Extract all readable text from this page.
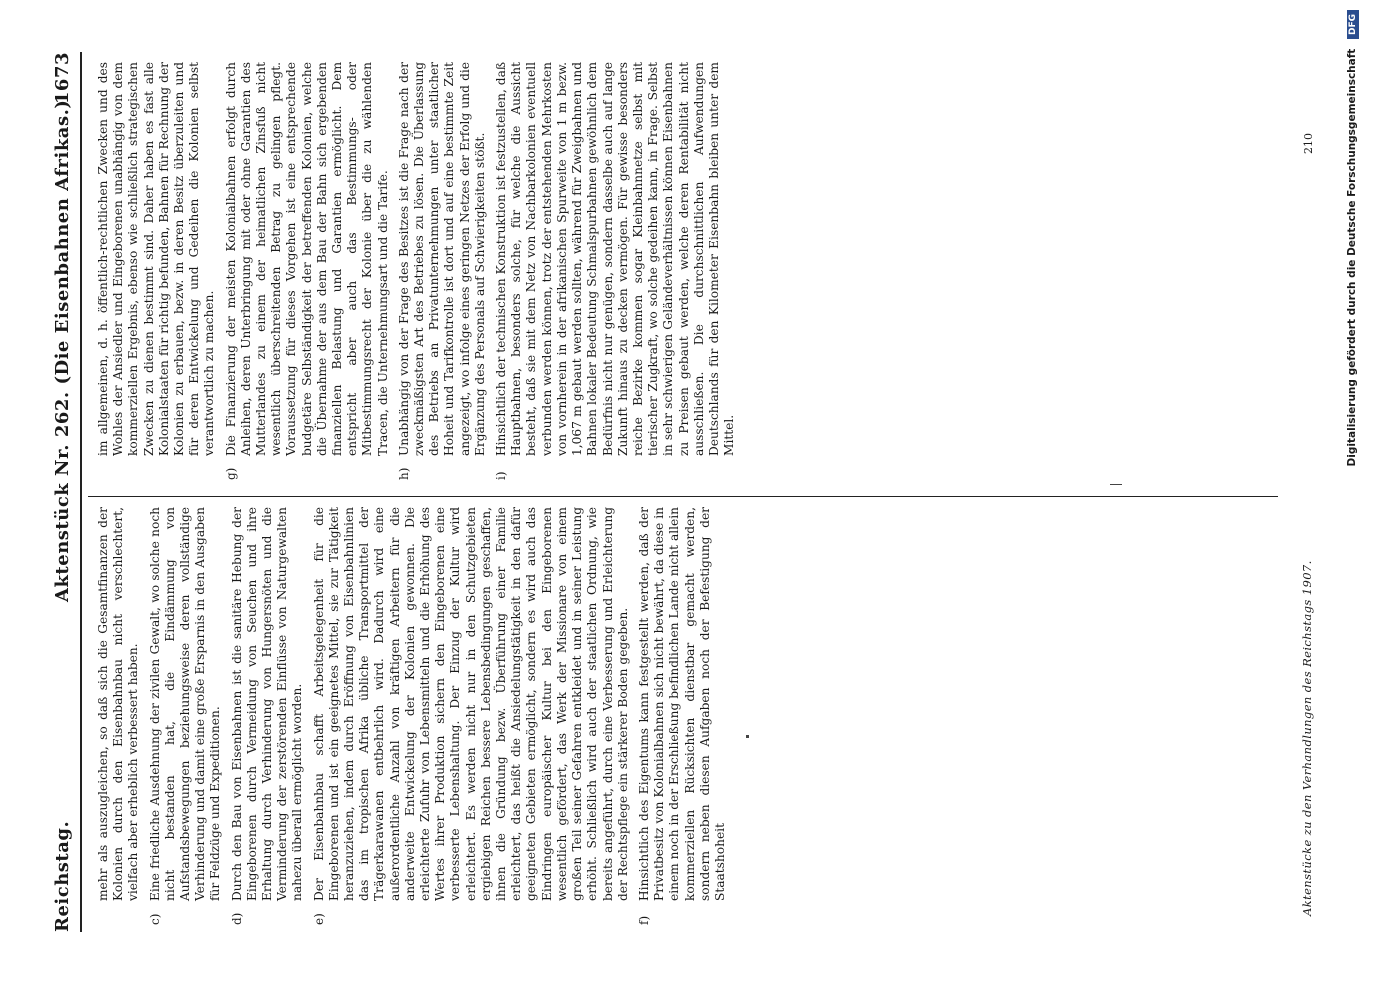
Reichstag.
Aktenstück Nr. 262. (Die Eisenbahnen Afrikas.)
1673

mehr als auszugleichen, so daß sich die Gesamtfinanzen der Kolonien durch den Eisenbahnbau nicht verschlechtert, vielfach aber erheblich verbessert haben.

c)
Eine friedliche Ausdehnung der zivilen Gewalt, wo solche noch nicht bestanden hat, die Eindämmung von Aufstandsbewegungen beziehungsweise deren vollständige Verhinderung und damit eine große Ersparnis in den Ausgaben für Feldzüge und Expeditionen.

d)
Durch den Bau von Eisenbahnen ist die sanitäre Hebung der Eingeborenen durch Vermeidung von Seuchen und ihre Erhaltung durch Verhinderung von Hungersnöten und die Verminderung der zerstörenden Einflüsse von Naturgewalten nahezu überall ermöglicht worden.

e)
Der Eisenbahnbau schafft Arbeitsgelegenheit für die Eingeborenen und ist ein geeignetes Mittel, sie zur Tätigkeit heranzuziehen, indem durch Eröffnung von Eisenbahnlinien das im tropischen Afrika übliche Transportmittel der Trägerkarawanen entbehrlich wird. Dadurch wird eine außerordentliche Anzahl von kräftigen Arbeitern für die anderweite Entwickelung der Kolonien gewonnen. Die erleichterte Zufuhr von Lebensmitteln und die Erhöhung des Wertes ihrer Produktion sichern den Eingeborenen eine verbesserte Lebenshaltung. Der Einzug der Kultur wird erleichtert. Es werden nicht nur in den Schutzgebieten ergiebigen Reichen bessere Lebensbedingungen geschaffen, ihnen die Gründung bezw. Überführung einer Familie erleichtert, das heißt die Ansiedelungstätigkeit in den dafür geeigneten Gebieten ermöglicht, sondern es wird auch das Eindringen europäischer Kultur bei den Eingeborenen wesentlich gefördert, das Werk der Missionare von einem großen Teil seiner Gefahren entkleidet und in seiner Leistung erhöht. Schließlich wird auch der staatlichen Ordnung, wie bereits angeführt, durch eine Verbesserung und Erleichterung der Rechtspflege ein stärkerer Boden gegeben.

f)
Hinsichtlich des Eigentums kann festgestellt werden, daß der Privatbesitz von Kolonialbahnen sich nicht bewährt, da diese in einem noch in der Erschließung befindlichen Lande nicht allein kommerziellen Rücksichten dienstbar gemacht werden, sondern neben diesen Aufgaben noch der Befestigung der Staatshoheit

im allgemeinen, d. h. öffentlich-rechtlichen Zwecken und des Wohles der Ansiedler und Eingeborenen unabhängig von dem kommerziellen Ergebnis, ebenso wie schließlich strategischen Zwecken zu dienen bestimmt sind. Daher haben es fast alle Kolonialstaaten für richtig befunden, Bahnen für Rechnung der Kolonien zu erbauen, bezw. in deren Besitz überzuleiten und für deren Entwickelung und Gedeihen die Kolonien selbst verantwortlich zu machen.

g)
Die Finanzierung der meisten Kolonialbahnen erfolgt durch Anleihen, deren Unterbringung mit oder ohne Garantien des Mutterlandes zu einem der heimatlichen Zinsfuß nicht wesentlich überschreitenden Betrag zu gelingen pflegt. Voraussetzung für dieses Vorgehen ist eine entsprechende budgetäre Selbständigkeit der betreffenden Kolonien, welche die Übernahme der aus dem Bau der Bahn sich ergebenden finanziellen Belastung und Garantien ermöglicht. Dem entspricht aber auch das Bestimmungs- oder Mitbestimmungsrecht der Kolonie über die zu wählenden Tracen, die Unternehmungsart und die Tarife.

h)
Unabhängig von der Frage des Besitzes ist die Frage nach der zweckmäßigsten Art des Betriebes zu lösen. Die Überlassung des Betriebs an Privatunternehmungen unter staatlicher Hoheit und Tarifkontrolle ist dort und auf eine bestimmte Zeit angezeigt, wo infolge eines geringen Netzes der Erfolg und die Ergänzung des Personals auf Schwierigkeiten stößt.

i)
Hinsichtlich der technischen Konstruktion ist festzustellen, daß Hauptbahnen, besonders solche, für welche die Aussicht besteht, daß sie mit dem Netz von Nachbarkolonien eventuell verbunden werden können, trotz der entstehenden Mehrkosten von vornherein in der afrikanischen Spurweite von 1 m bezw. 1,067 m gebaut werden sollten, während für Zweigbahnen und Bahnen lokaler Bedeutung Schmalspurbahnen gewöhnlich dem Bedürfnis nicht nur genügen, sondern dasselbe auch auf lange Zukunft hinaus zu decken vermögen. Für gewisse besonders reiche Bezirke kommen sogar Kleinbahnnetze selbst mit tierischer Zugkraft, wo solche gedeihen kann, in Frage. Selbst in sehr schwierigen Geländeverhältnissen können Eisenbahnen zu Preisen gebaut werden, welche deren Rentabilität nicht ausschließen. Die durchschnittlichen Aufwendungen Deutschlands für den Kilometer Eisenbahn bleiben unter dem Mittel.

Aktenstücke zu den Verhandlungen des Reichstags 1907.
210	Digitalisierung gefördert durch die Deutsche Forschungsgemeinschaft DFG
